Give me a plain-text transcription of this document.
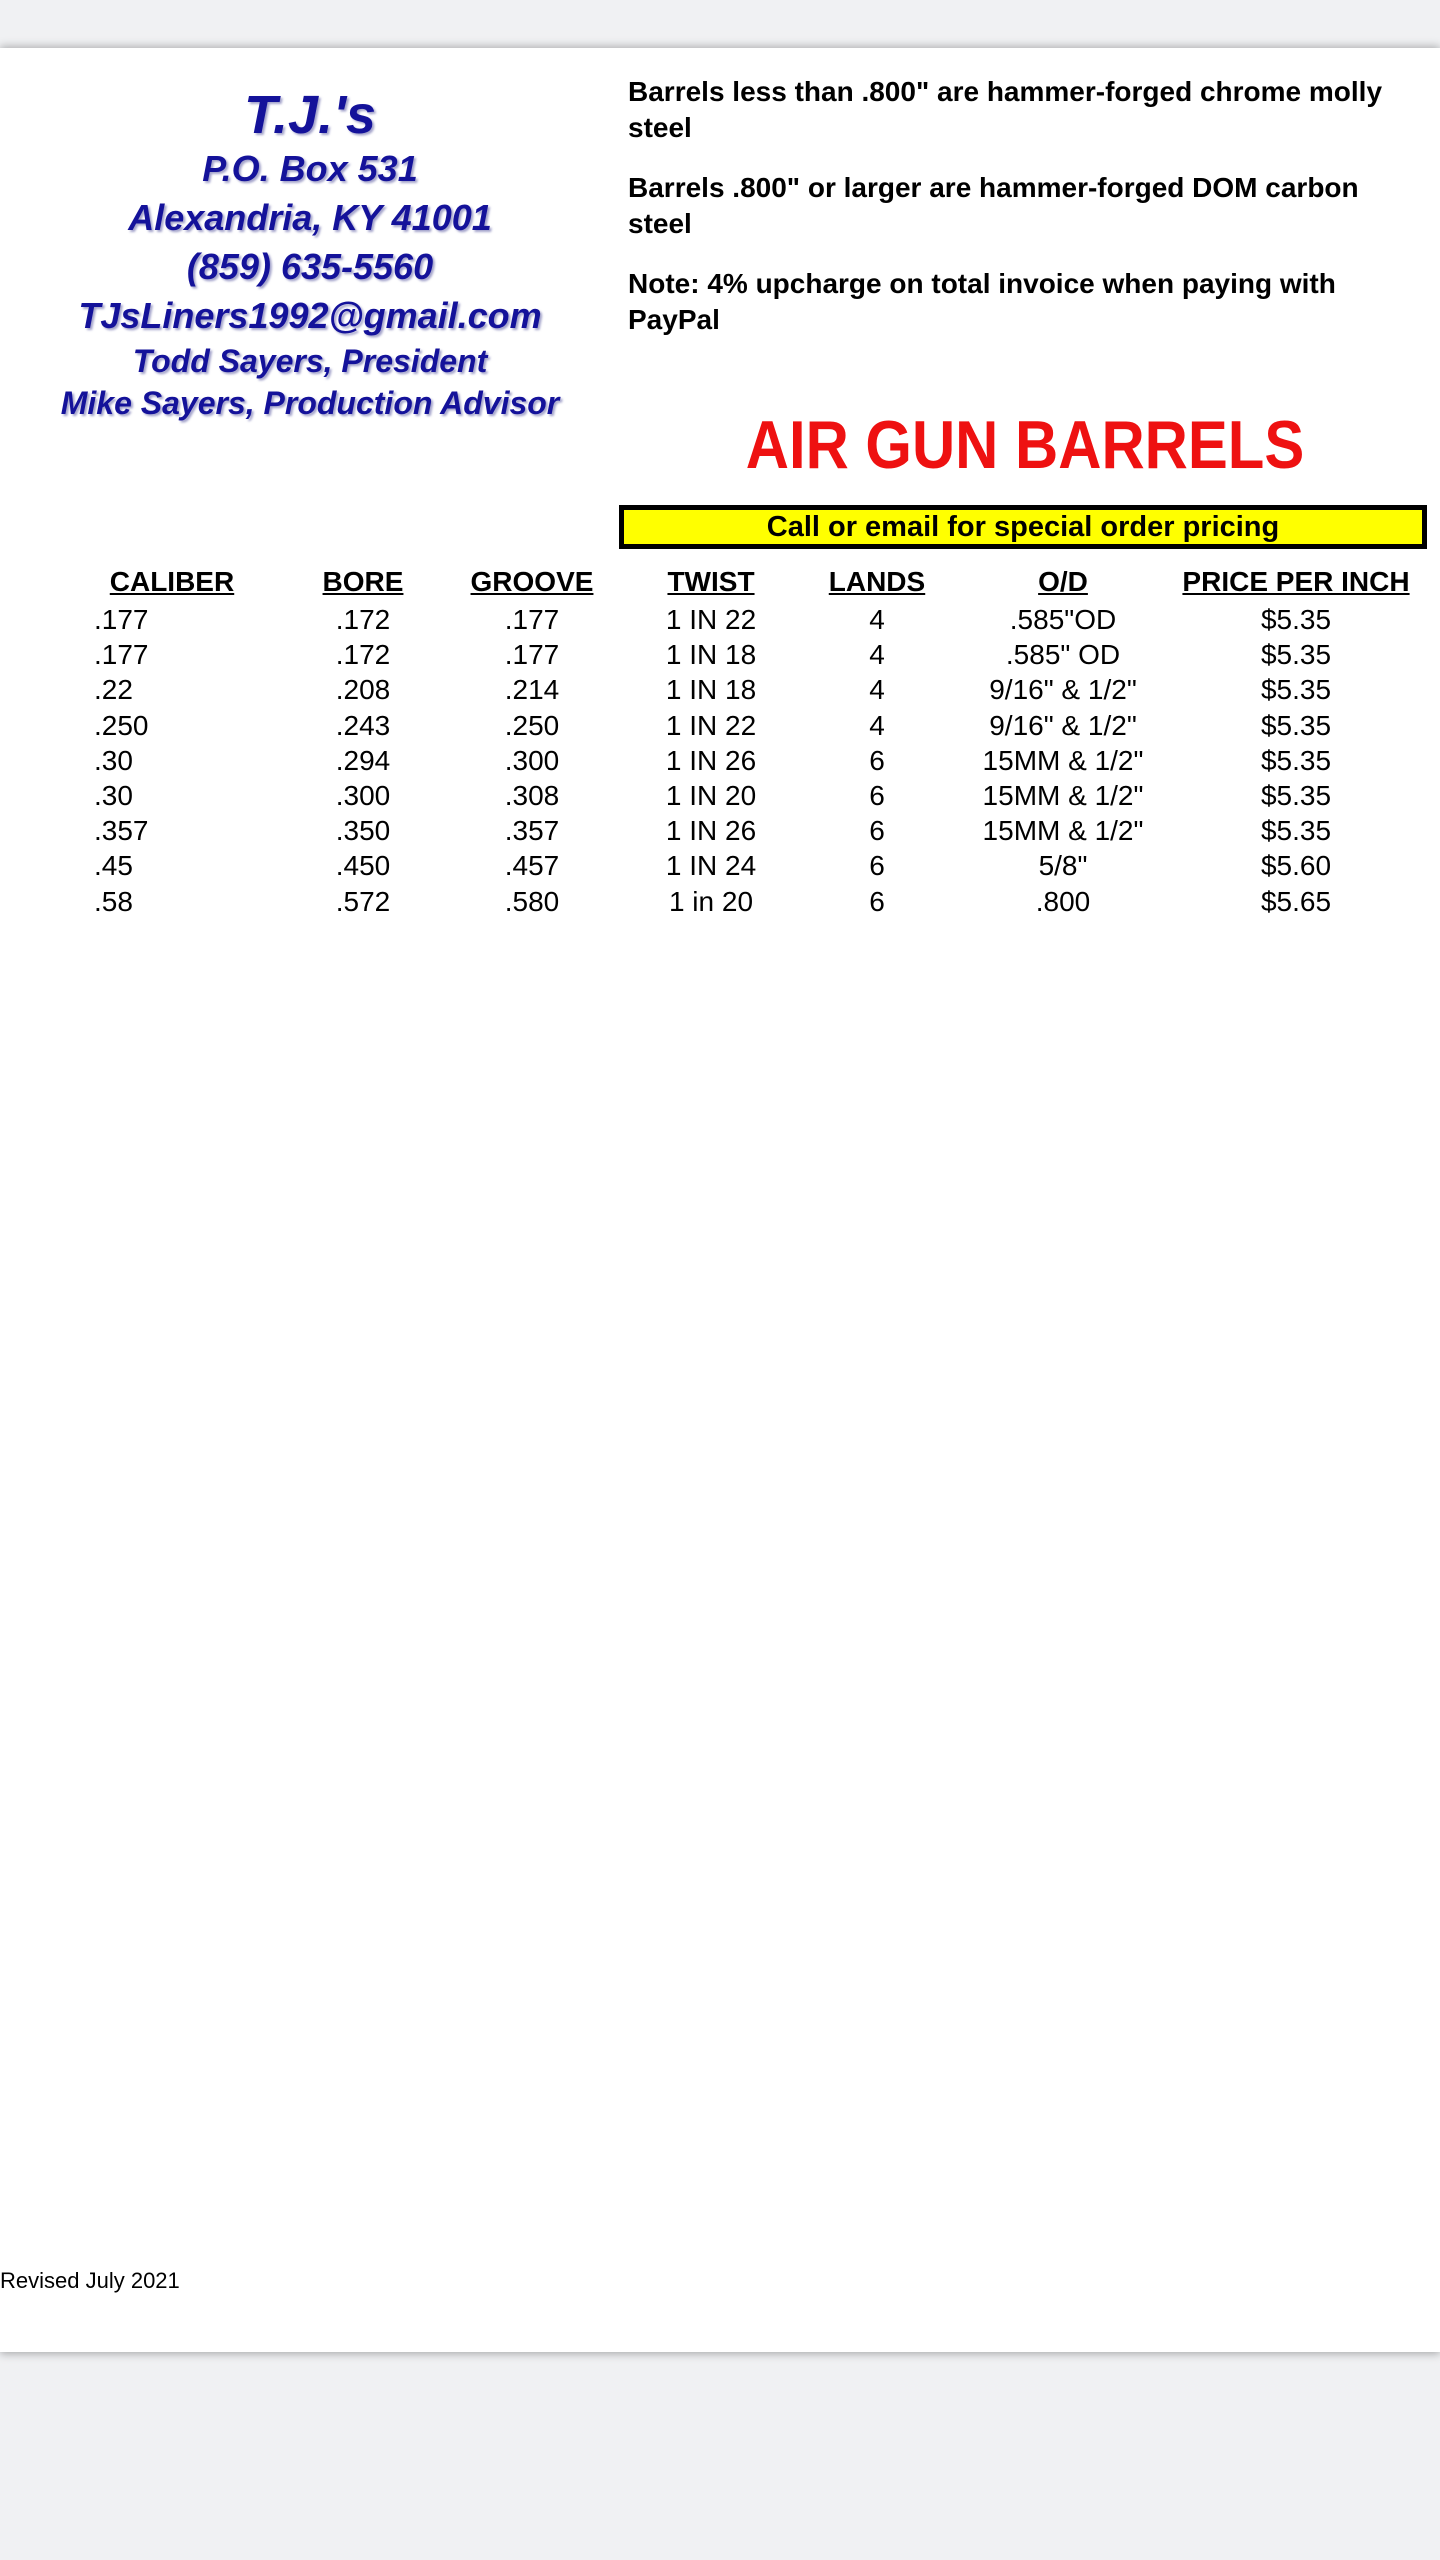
T.J.'s
P.O. Box 531
Alexandria, KY 41001
(859) 635-5560
TJsLiners1992@gmail.com
Todd Sayers, President
Mike Sayers, Production Advisor

Barrels less than .800" are hammer-forged chrome molly steel

Barrels .800" or larger are hammer-forged DOM carbon steel

Note: 4% upcharge on total invoice when paying with PayPal

AIR GUN BARRELS
Call or email for special order pricing
CALIBER	BORE	GROOVE	TWIST	LANDS	O/D	PRICE PER INCH
.177	.172	.177	1 IN 22	4	.585"OD	$5.35
.177	.172	.177	1 IN 18	4	.585" OD	$5.35
.22	.208	.214	1 IN 18	4	9/16" & 1/2"	$5.35
.250	.243	.250	1 IN 22	4	9/16" & 1/2"	$5.35
.30	.294	.300	1 IN 26	6	15MM & 1/2"	$5.35
.30	.300	.308	1 IN 20	6	15MM & 1/2"	$5.35
.357	.350	.357	1 IN 26	6	15MM & 1/2"	$5.35
.45	.450	.457	1 IN 24	6	5/8"	$5.60
.58	.572	.580	1 in 20	6	.800	$5.65
Revised July 2021
